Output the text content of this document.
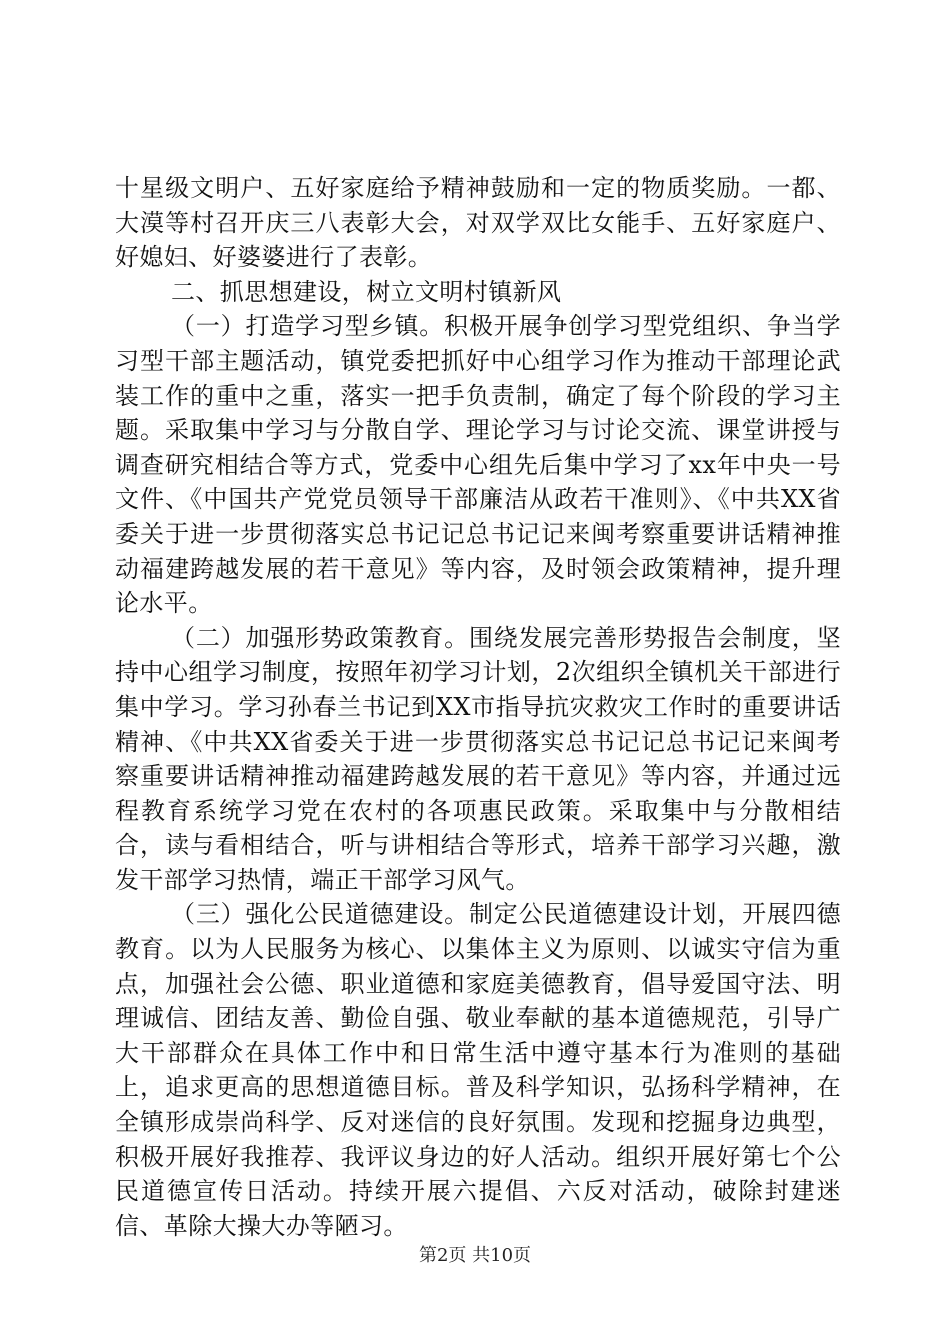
十星级文明户、五好家庭给予精神鼓励和一定的物质奖励。一都、大漠等村召开庆三八表彰大会，对双学双比女能手、五好家庭户、好媳妇、好婆婆进行了表彰。

二、抓思想建设，树立文明村镇新风

（一）打造学习型乡镇。积极开展争创学习型党组织、争当学习型干部主题活动，镇党委把抓好中心组学习作为推动干部理论武装工作的重中之重，落实一把手负责制，确定了每个阶段的学习主题。采取集中学习与分散自学、理论学习与讨论交流、课堂讲授与调查研究相结合等方式，党委中心组先后集中学习了xx年中央一号文件、《中国共产党党员领导干部廉洁从政若干准则》、《中共XX省委关于进一步贯彻落实总书记记总书记记来闽考察重要讲话精神推动福建跨越发展的若干意见》等内容，及时领会政策精神，提升理论水平。

（二）加强形势政策教育。围绕发展完善形势报告会制度，坚持中心组学习制度，按照年初学习计划，2次组织全镇机关干部进行集中学习。学习孙春兰书记到XX市指导抗灾救灾工作时的重要讲话精神、《中共XX省委关于进一步贯彻落实总书记记总书记记来闽考察重要讲话精神推动福建跨越发展的若干意见》等内容，并通过远程教育系统学习党在农村的各项惠民政策。采取集中与分散相结合，读与看相结合，听与讲相结合等形式，培养干部学习兴趣，激发干部学习热情，端正干部学习风气。

（三）强化公民道德建设。制定公民道德建设计划，开展四德教育。以为人民服务为核心、以集体主义为原则、以诚实守信为重点，加强社会公德、职业道德和家庭美德教育，倡导爱国守法、明理诚信、团结友善、勤俭自强、敬业奉献的基本道德规范，引导广大干部群众在具体工作中和日常生活中遵守基本行为准则的基础上，追求更高的思想道德目标。普及科学知识，弘扬科学精神，在全镇形成崇尚科学、反对迷信的良好氛围。发现和挖掘身边典型，积极开展好我推荐、我评议身边的好人活动。组织开展好第七个公民道德宣传日活动。持续开展六提倡、六反对活动，破除封建迷信、革除大操大办等陋习。

第2页 共10页
